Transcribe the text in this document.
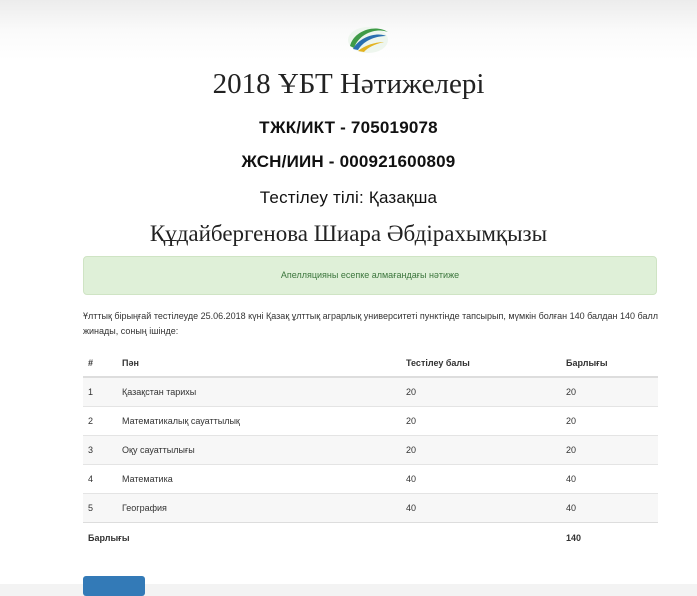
2018 ҰБТ Нәтижелері
ТЖК/ИКТ - 705019078
ЖСН/ИИН - 000921600809
Тестілеу тілі: Қазақша
Құдайбергенова Шиара Әбдірахымқызы
Апелляцияны есепке алмағандағы нәтиже
Ұлттық бірыңғай тестілеуде 25.06.2018 күні Қазақ ұлттық аграрлық университеті пунктінде тапсырып, мүмкін болған 140 балдан 140 балл жинады, соның ішінде:
#	Пән	Тестілеу балы	Барлығы
1	Қазақстан тарихы	20	20
2	Математикалық сауаттылық	20	20
3	Оқу сауаттылығы	20	20
4	Математика	40	40
5	География	40	40
Барлығы			140
